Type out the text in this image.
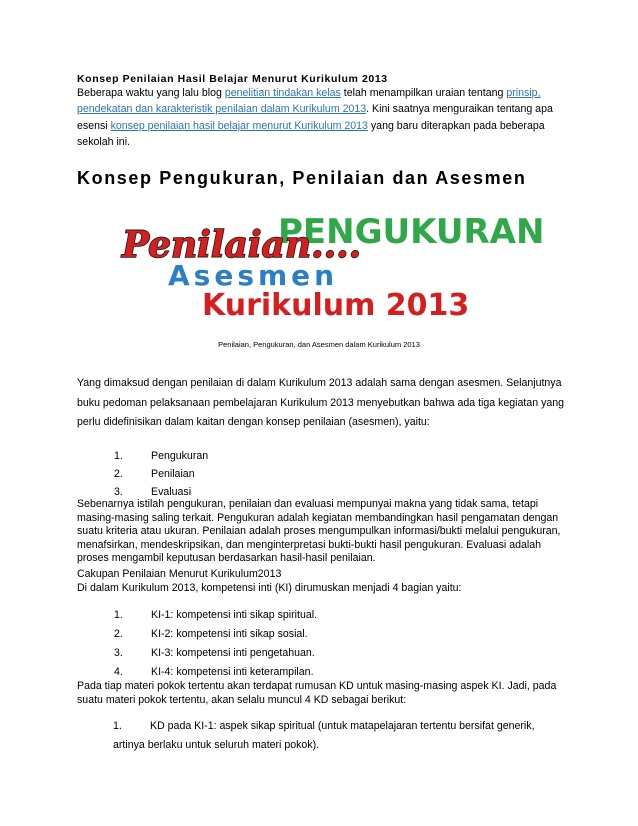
Konsep Penilaian Hasil Belajar Menurut Kurikulum 2013
Beberapa waktu yang lalu blog penelitian tindakan kelas telah menampilkan uraian tentang prinsip, pendekatan dan karakteristik penilaian dalam Kurikulum 2013. Kini saatnya menguraikan tentang apa esensi konsep penilaian hasil belajar menurut Kurikulum 2013 yang baru diterapkan pada beberapa sekolah ini.
Konsep Pengukuran, Penilaian dan Asesmen
PENGUKURAN
Penilaian....
Asesmen
Kurikulum 2013
Penilaian, Pengukuran, dan Asesmen dalam Kurikulum 2013
Yang dimaksud dengan penilaian di dalam Kurikulum 2013 adalah sama dengan asesmen. Selanjutnya buku pedoman pelaksanaan pembelajaran Kurikulum 2013 menyebutkan bahwa ada tiga kegiatan yang perlu didefinisikan dalam kaitan dengan konsep penilaian (asesmen), yaitu:
1.	Pengukuran
2.	Penilaian
3.	Evaluasi
Sebenarnya istilah pengukuran, penilaian dan evaluasi mempunyai makna yang tidak sama, tetapi masing-masing saling terkait. Pengukuran adalah kegiatan membandingkan hasil pengamatan dengan suatu kriteria atau ukuran. Penilaian adalah proses mengumpulkan informasi/bukti melalui pengukuran, menafsirkan, mendeskripsikan, dan menginterpretasi bukti-bukti hasil pengukuran. Evaluasi adalah proses mengambil keputusan berdasarkan hasil-hasil penilaian.
Cakupan Penilaian Menurut Kurikulum2013
Di dalam Kurikulum 2013, kompetensi inti (KI) dirumuskan menjadi 4 bagian yaitu:
1.	KI-1: kompetensi inti sikap spiritual.
2.	KI-2: kompetensi inti sikap sosial.
3.	KI-3: kompetensi inti pengetahuan.
4.	KI-4: kompetensi inti keterampilan.
Pada tiap materi pokok tertentu akan terdapat rumusan KD untuk masing-masing aspek KI. Jadi, pada suatu materi pokok tertentu, akan selalu muncul 4 KD sebagai berikut:
1.	KD pada KI-1: aspek sikap spiritual (untuk matapelajaran tertentu bersifat generik, artinya berlaku untuk seluruh materi pokok).
